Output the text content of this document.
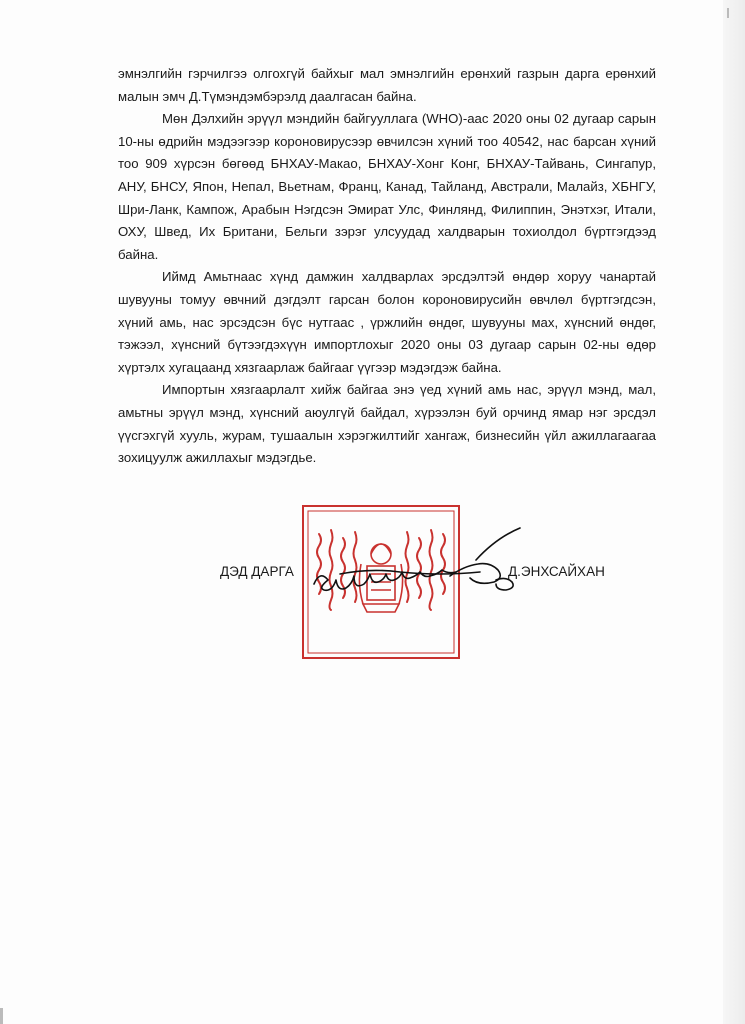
эмнэлгийн гэрчилгээ олгохгүй байхыг мал эмнэлгийн ерөнхий газрын дарга ерөнхий малын эмч Д.Түмэндэмбэрэлд даалгасан байна.

Мөн Дэлхийн эрүүл мэндийн байгууллага (WHO)-аас 2020 оны 02 дугаар сарын 10-ны өдрийн мэдээгээр короновирусээр өвчилсэн хүний тоо 40542, нас барсан хүний тоо 909 хүрсэн бөгөөд БНХАУ-Макао, БНХАУ-Хонг Конг, БНХАУ-Тайвань, Сингапур, АНУ, БНСУ, Япон, Непал, Вьетнам, Франц, Канад, Тайланд, Австрали, Малайз, ХБНГУ, Шри-Ланк, Кампож, Арабын Нэгдсэн Эмират Улс, Финлянд, Филиппин, Энэтхэг, Итали, ОХУ, Швед, Их Британи, Бельги зэрэг улсуудад халдварын тохиолдол бүртгэгдээд байна.

Иймд Амьтнаас хүнд дамжин халдварлах эрсдэлтэй өндөр хоруу чанартай шувууны томуу өвчний дэгдэлт гарсан болон короновирусийн өвчлөл бүртгэгдсэн, хүний амь, нас эрсэдсэн бүс нутгаас , үржлийн өндөг, шувууны мах, хүнсний өндөг, тэжээл, хүнсний бүтээгдэхүүн импортлохыг 2020 оны 03 дугаар сарын 02-ны өдөр хүртэлх хугацаанд хязгаарлаж байгааг үүгээр мэдэгдэж байна.

Импортын хязгаарлалт хийж байгаа энэ үед хүний амь нас, эрүүл мэнд, мал, амьтны эрүүл мэнд, хүнсний аюулгүй байдал, хүрээлэн буй орчинд ямар нэг эрсдэл үүсгэхгүй хууль, журам, тушаалын хэрэгжилтийг хангаж, бизнесийн үйл ажиллагаагаа зохицуулж ажиллахыг мэдэгдье.

ДЭД ДАРГА	Д.ЭНХСАЙХАН
